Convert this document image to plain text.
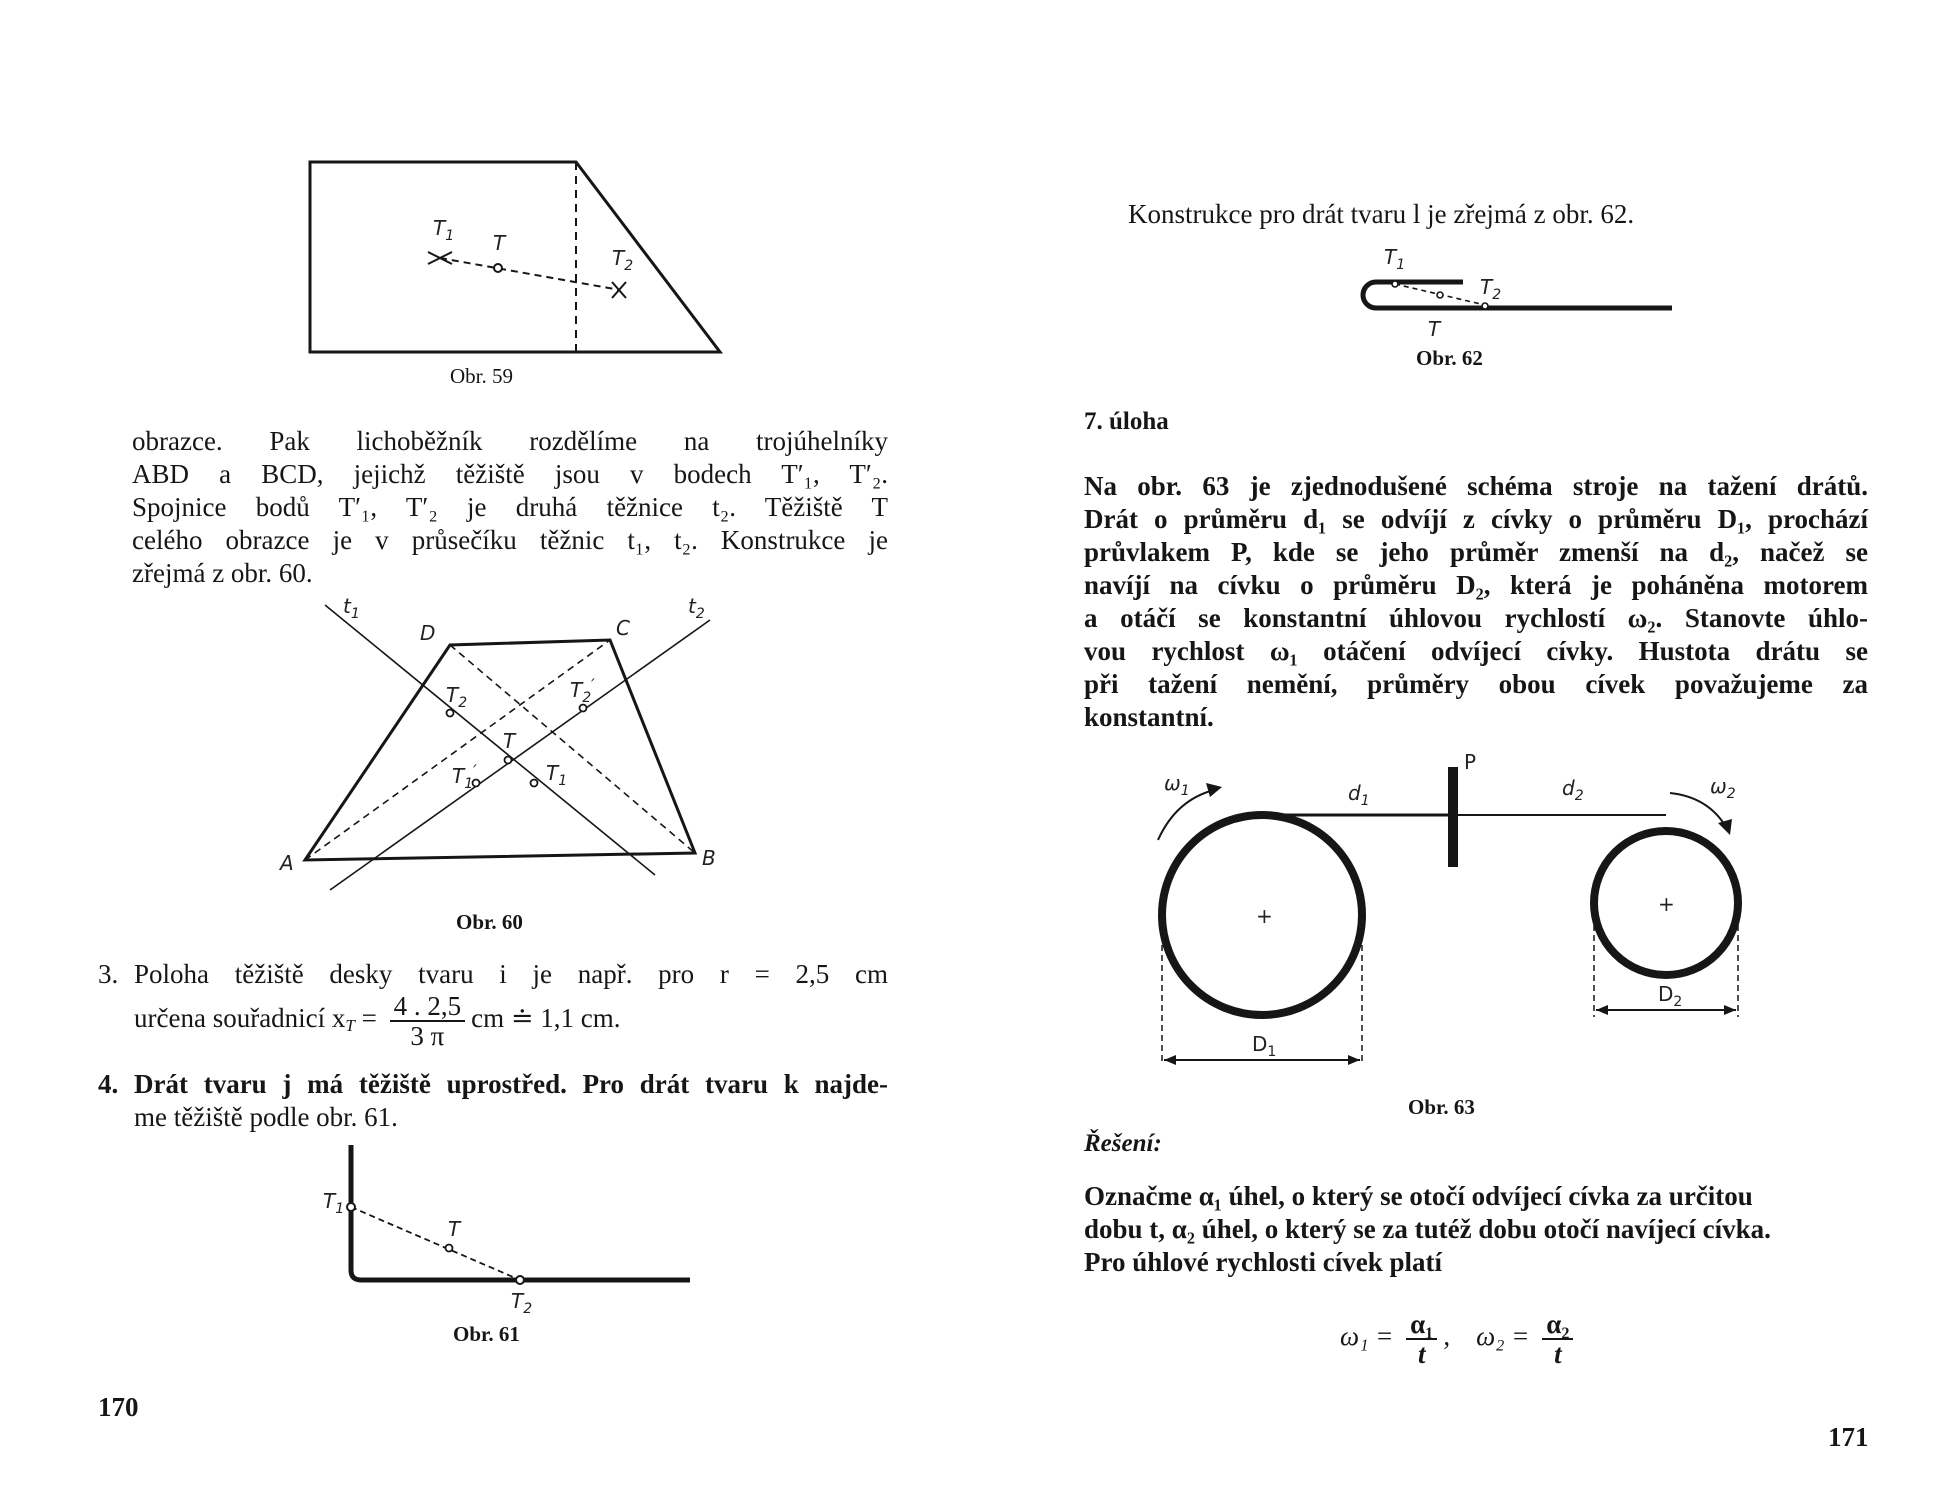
$T_1$ T
$T_2$
Obr. 59
obrazce. Pak lichoběžník rozdělíme na trojúhelníky
ABD a BCD, jejichž těžiště jsou v bodech T′₁, T′₂.
Spojnice bodů T′₁, T′₂ je druhá těžnice t₂. Těžiště T
celého obrazce je v průsečíku těžnic t₁, t₂. Konstrukce je
zřejmá z obr. 60.
A	B
C
D
T
$t_1$	$t_2$
$T_2$
$T_2'$
$T_1'$	$T_1$
Obr. 60
3. Poloha těžiště desky tvaru i je např. pro r = 2,5 cm
určena souřadnicí xT = $\frac{4 . 2,5}{3 \pi}$ cm ≐ 1,1 cm.
4. Drát tvaru j má těžiště uprostřed. Pro drát tvaru k najde-
me těžiště podle obr. 61.
$T_1$
T
$T_2$
Obr. 61
170
Konstrukce pro drát tvaru l je zřejmá z obr. 62.
$T_1$
$T_2$
T
Obr. 62
7. úloha
Na obr. 63 je zjednodušené schéma stroje na tažení drátů.
Drát o průměru d₁ se odvíjí z cívky o průměru D₁, prochází
průvlakem P, kde se jeho průměr zmenší na d₂, načež se
navíjí na cívku o průměru D₂, která je poháněna motorem
a otáčí se konstantní úhlovou rychlostí ω₂. Stanovte úhlo-
vou rychlost ω₁ otáčení odvíjecí cívky. Hustota drátu se
při tažení nemění, průměry obou cívek považujeme za
konstantní.
+	+
$\omega_1$	$\omega_2$
$d_1$
$d_2$
P
$D_1$
$D_2$
Obr. 63
Řešení:
Označme α₁ úhel, o který se otočí odvíjecí cívka za určitou
dobu t, α₂ úhel, o který se za tutéž dobu otočí navíjecí cívka.
Pro úhlové rychlosti cívek platí
$\omega_1 = \frac{\text{α₁}}{t}$ , $\omega_2 = \frac{\text{α₂}}{t}$
171
